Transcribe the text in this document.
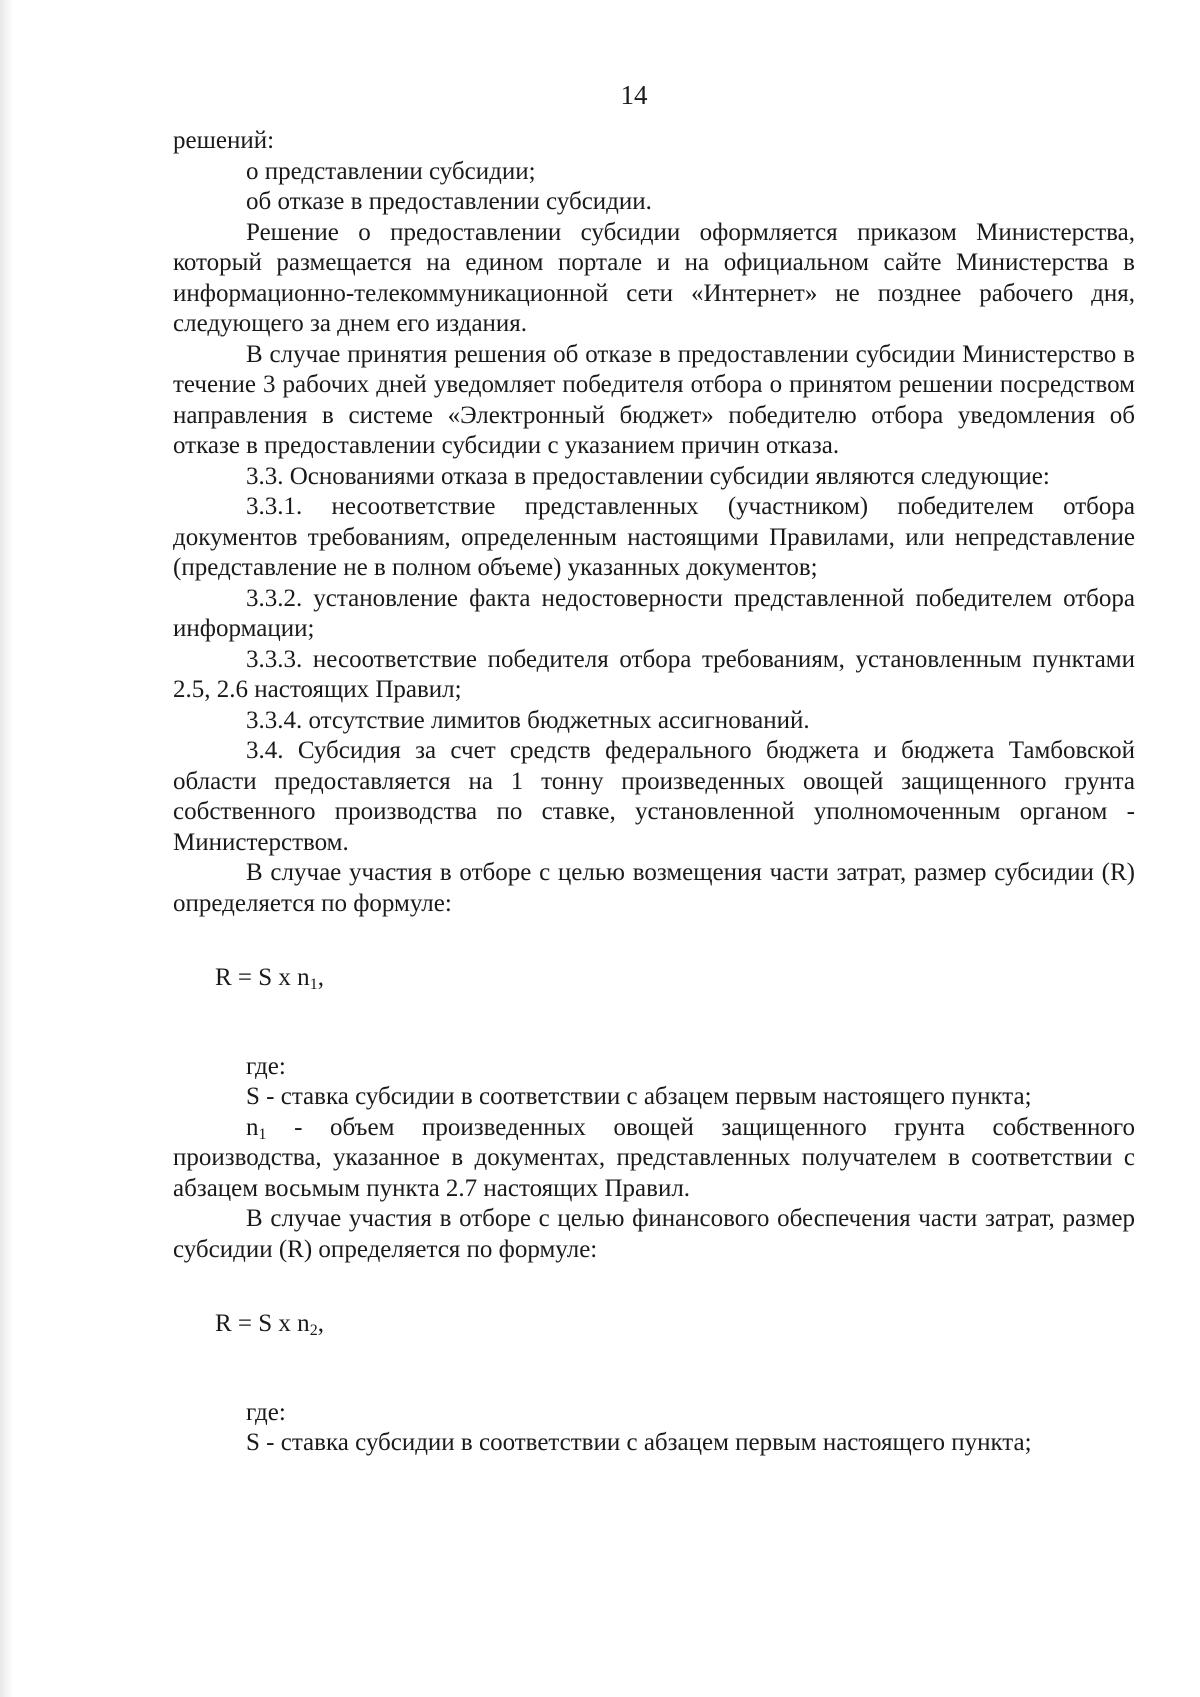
14

решений:

о представлении субсидии;

об отказе в предоставлении субсидии.

Решение о предоставлении субсидии оформляется приказом Министерства, который размещается на едином портале и на официальном сайте Министерства в информационно-телекоммуникационной сети «Интернет» не позднее рабочего дня, следующего за днем его издания.

В случае принятия решения об отказе в предоставлении субсидии Министерство в течение 3 рабочих дней уведомляет победителя отбора о принятом решении посредством направления в системе «Электронный бюджет» победителю отбора уведомления об отказе в предоставлении субсидии с указанием причин отказа.

3.3. Основаниями отказа в предоставлении субсидии являются следующие:

3.3.1. несоответствие представленных (участником) победителем отбора документов требованиям, определенным настоящими Правилами, или непредставление (представление не в полном объеме) указанных документов;

3.3.2. установление факта недостоверности представленной победителем отбора информации;

3.3.3. несоответствие победителя отбора требованиям, установленным пунктами 2.5, 2.6 настоящих Правил;

3.3.4. отсутствие лимитов бюджетных ассигнований.

3.4. Субсидия за счет средств федерального бюджета и бюджета Тамбовской области предоставляется на 1 тонну произведенных овощей защищенного грунта собственного производства по ставке, установленной уполномоченным органом - Министерством.

В случае участия в отборе с целью возмещения части затрат, размер субсидии (R) определяется по формуле:

R = S x $n_1$,

где:

S - ставка субсидии в соответствии с абзацем первым настоящего пункта;

$n_1$ - объем произведенных овощей защищенного грунта собственного производства, указанное в документах, представленных получателем в соответствии с абзацем восьмым пункта 2.7 настоящих Правил.

В случае участия в отборе с целью финансового обеспечения части затрат, размер субсидии (R) определяется по формуле:

R = S x $n_2$,

где:

S - ставка субсидии в соответствии с абзацем первым настоящего пункта;
